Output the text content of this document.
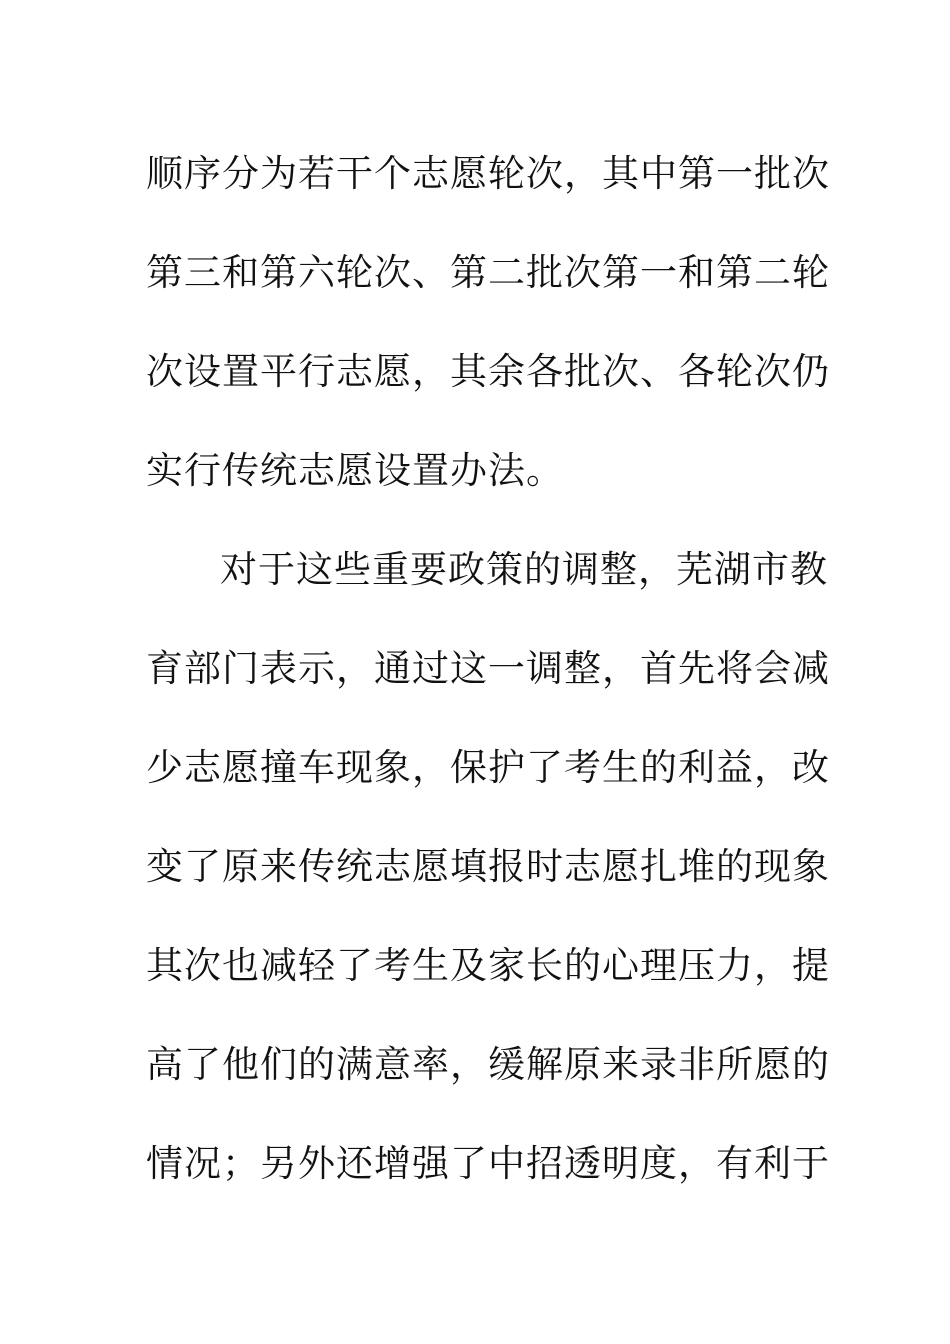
顺序分为若干个志愿轮次，其中第一批次
第三和第六轮次、第二批次第一和第二轮
次设置平行志愿，其余各批次、各轮次仍
实行传统志愿设置办法。
对于这些重要政策的调整，芜湖市教
育部门表示，通过这一调整，首先将会减
少志愿撞车现象，保护了考生的利益，改
变了原来传统志愿填报时志愿扎堆的现象
其次也减轻了考生及家长的心理压力，提
高了他们的满意率，缓解原来录非所愿的
情况；另外还增强了中招透明度，有利于
